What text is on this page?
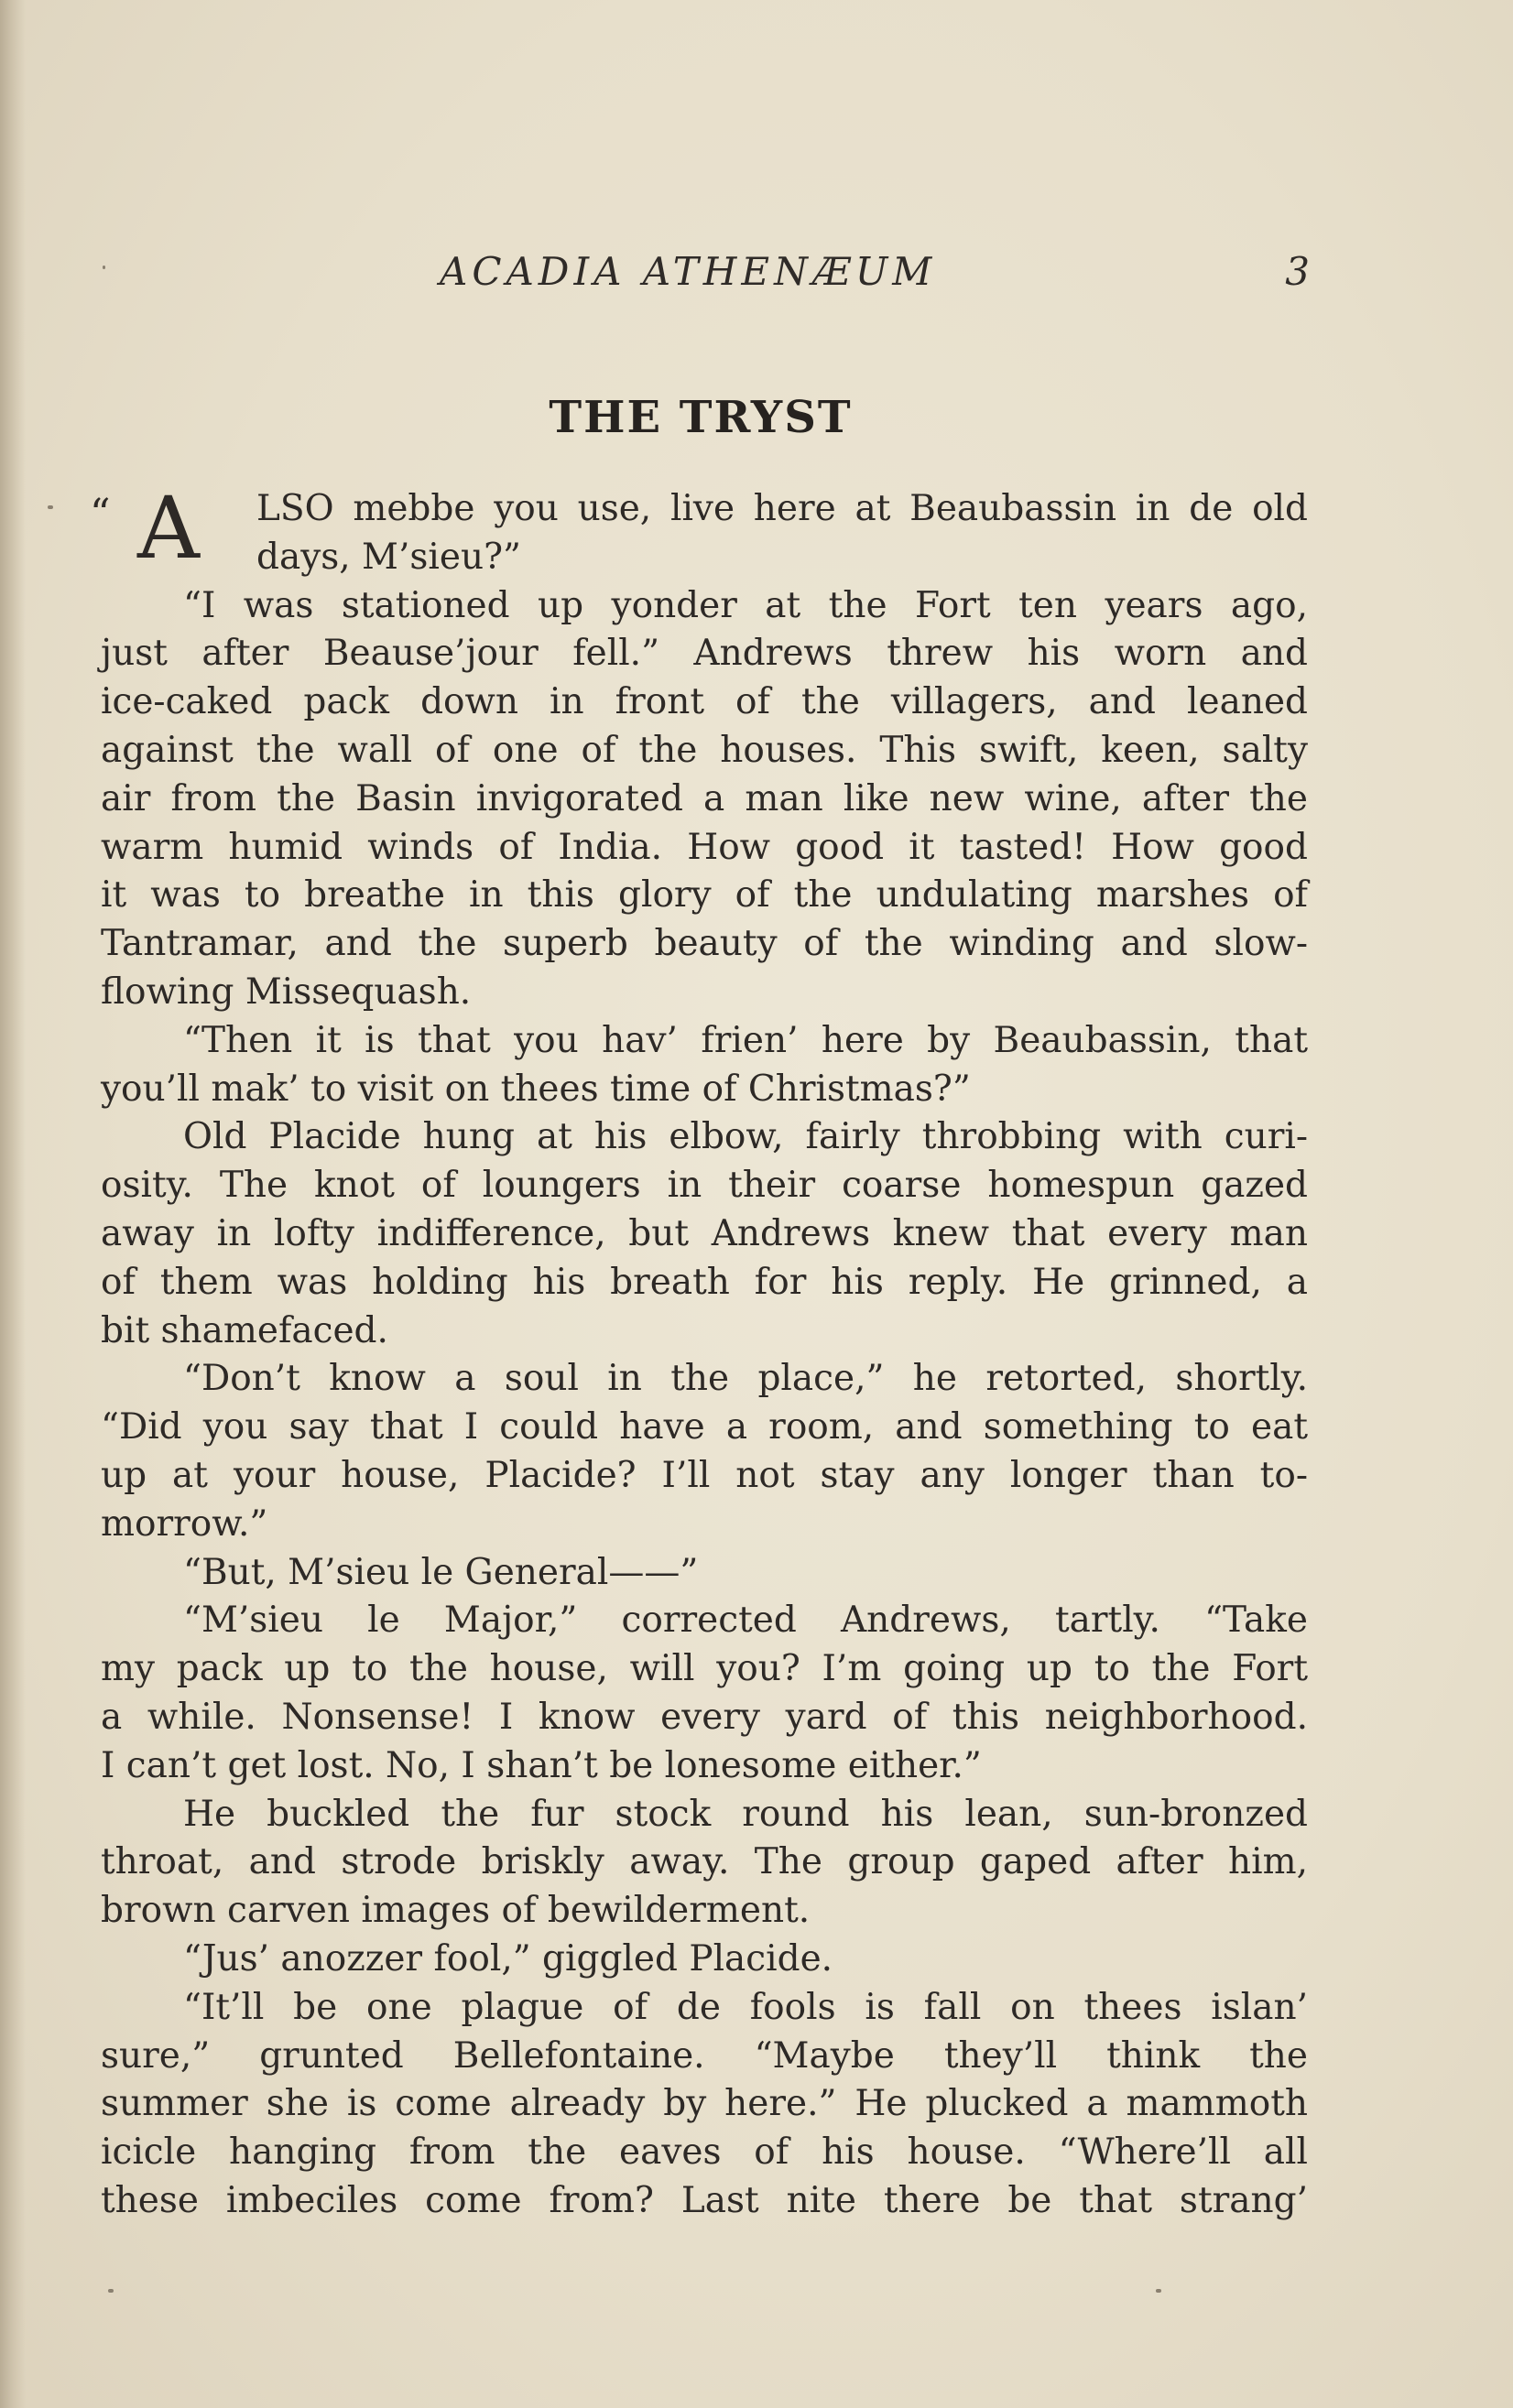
ACADIA ATHENÆUM	3
THE TRYST
“ A	LSO mebbe you use, live here at Beaubassin in de old
days, M’sieu?”
“I was stationed up yonder at the Fort ten years ago,
just after Beause’jour fell.” Andrews threw his worn and
ice-caked pack down in front of the villagers, and leaned
against the wall of one of the houses. This swift, keen, salty
air from the Basin invigorated a man like new wine, after the
warm humid winds of India. How good it tasted! How good
it was to breathe in this glory of the undulating marshes of
Tantramar, and the superb beauty of the winding and slow-
flowing Missequash.
“Then it is that you hav’ frien’ here by Beaubassin, that
you’ll mak’ to visit on thees time of Christmas?”
Old Placide hung at his elbow, fairly throbbing with curi-
osity. The knot of loungers in their coarse homespun gazed
away in lofty indifference, but Andrews knew that every man
of them was holding his breath for his reply. He grinned, a
bit shamefaced.
“Don’t know a soul in the place,” he retorted, shortly.
“Did you say that I could have a room, and something to eat
up at your house, Placide? I’ll not stay any longer than to-
morrow.”
“But, M’sieu le General——”
“M’sieu le Major,” corrected Andrews, tartly. “Take
my pack up to the house, will you? I’m going up to the Fort
a while. Nonsense! I know every yard of this neighborhood.
I can’t get lost. No, I shan’t be lonesome either.”
He buckled the fur stock round his lean, sun-bronzed
throat, and strode briskly away. The group gaped after him,
brown carven images of bewilderment.
“Jus’ anozzer fool,” giggled Placide.
“It’ll be one plague of de fools is fall on thees islan’
sure,” grunted Bellefontaine. “Maybe they’ll think the
summer she is come already by here.” He plucked a mammoth
icicle hanging from the eaves of his house. “Where’ll all
these imbeciles come from? Last nite there be that strang’
